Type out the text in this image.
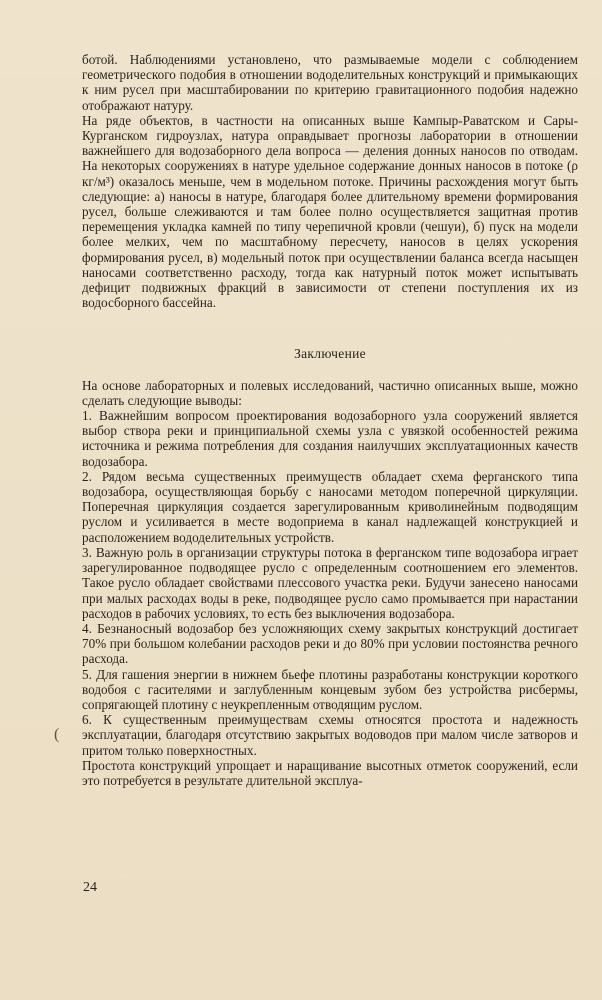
ботой. Наблюдениями установлено, что размываемые модели с соблюдением геометрического подобия в отношении вододелительных конструкций и примыкающих к ним русел при масштабировании по критерию гравитационного подобия надежно отображают натуру.

На ряде объектов, в частности на описанных выше Кампыр-Раватском и Сары-Курганском гидроузлах, натура оправдывает прогнозы лаборатории в отношении важнейшего для водозаборного дела вопроса — деления донных наносов по отводам. На некоторых сооружениях в натуре удельное содержание донных наносов в потоке (ρ кг/м³) оказалось меньше, чем в модельном потоке. Причины расхождения могут быть следующие: а) наносы в натуре, благодаря более длительному времени формирования русел, больше слеживаются и там более полно осуществляется защитная против перемещения укладка камней по типу черепичной кровли (чешуи), б) пуск на модели более мелких, чем по масштабному пересчету, наносов в целях ускорения формирования русел, в) модельный поток при осуществлении баланса всегда насыщен наносами соответственно расходу, тогда как натурный поток может испытывать дефицит подвижных фракций в зависимости от степени поступления их из водосборного бассейна.

Заключение

На основе лабораторных и полевых исследований, частично описанных выше, можно сделать следующие выводы:

1. Важнейшим вопросом проектирования водозаборного узла сооружений является выбор створа реки и принципиальной схемы узла с увязкой особенностей режима источника и режима потребления для создания наилучших эксплуатационных качеств водозабора.

2. Рядом весьма существенных преимуществ обладает схема ферганского типа водозабора, осуществляющая борьбу с наносами методом поперечной циркуляции. Поперечная циркуляция создается зарегулированным криволинейным подводящим руслом и усиливается в месте водоприема в канал надлежащей конструкцией и расположением вододелительных устройств.

3. Важную роль в организации структуры потока в ферганском типе водозабора играет зарегулированное подводящее русло с определенным соотношением его элементов. Такое русло обладает свойствами плессового участка реки. Будучи занесено наносами при малых расходах воды в реке, подводящее русло само промывается при нарастании расходов в рабочих условиях, то есть без выключения водозабора.

4. Безнаносный водозабор без усложняющих схему закрытых конструкций достигает 70% при большом колебании расходов реки и до 80% при условии постоянства речного расхода.

5. Для гашения энергии в нижнем бьефе плотины разработаны конструкции короткого водобоя с гасителями и заглубленным концевым зубом без устройства рисбермы, сопрягающей плотину с неукрепленным отводящим руслом.

6. К существенным преимуществам схемы относятся простота и надежность эксплуатации, благодаря отсутствию закрытых водоводов при малом числе затворов и притом только поверхностных.

Простота конструкций упрощает и наращивание высотных отметок сооружений, если это потребуется в результате длительной эксплуа-

(
24
